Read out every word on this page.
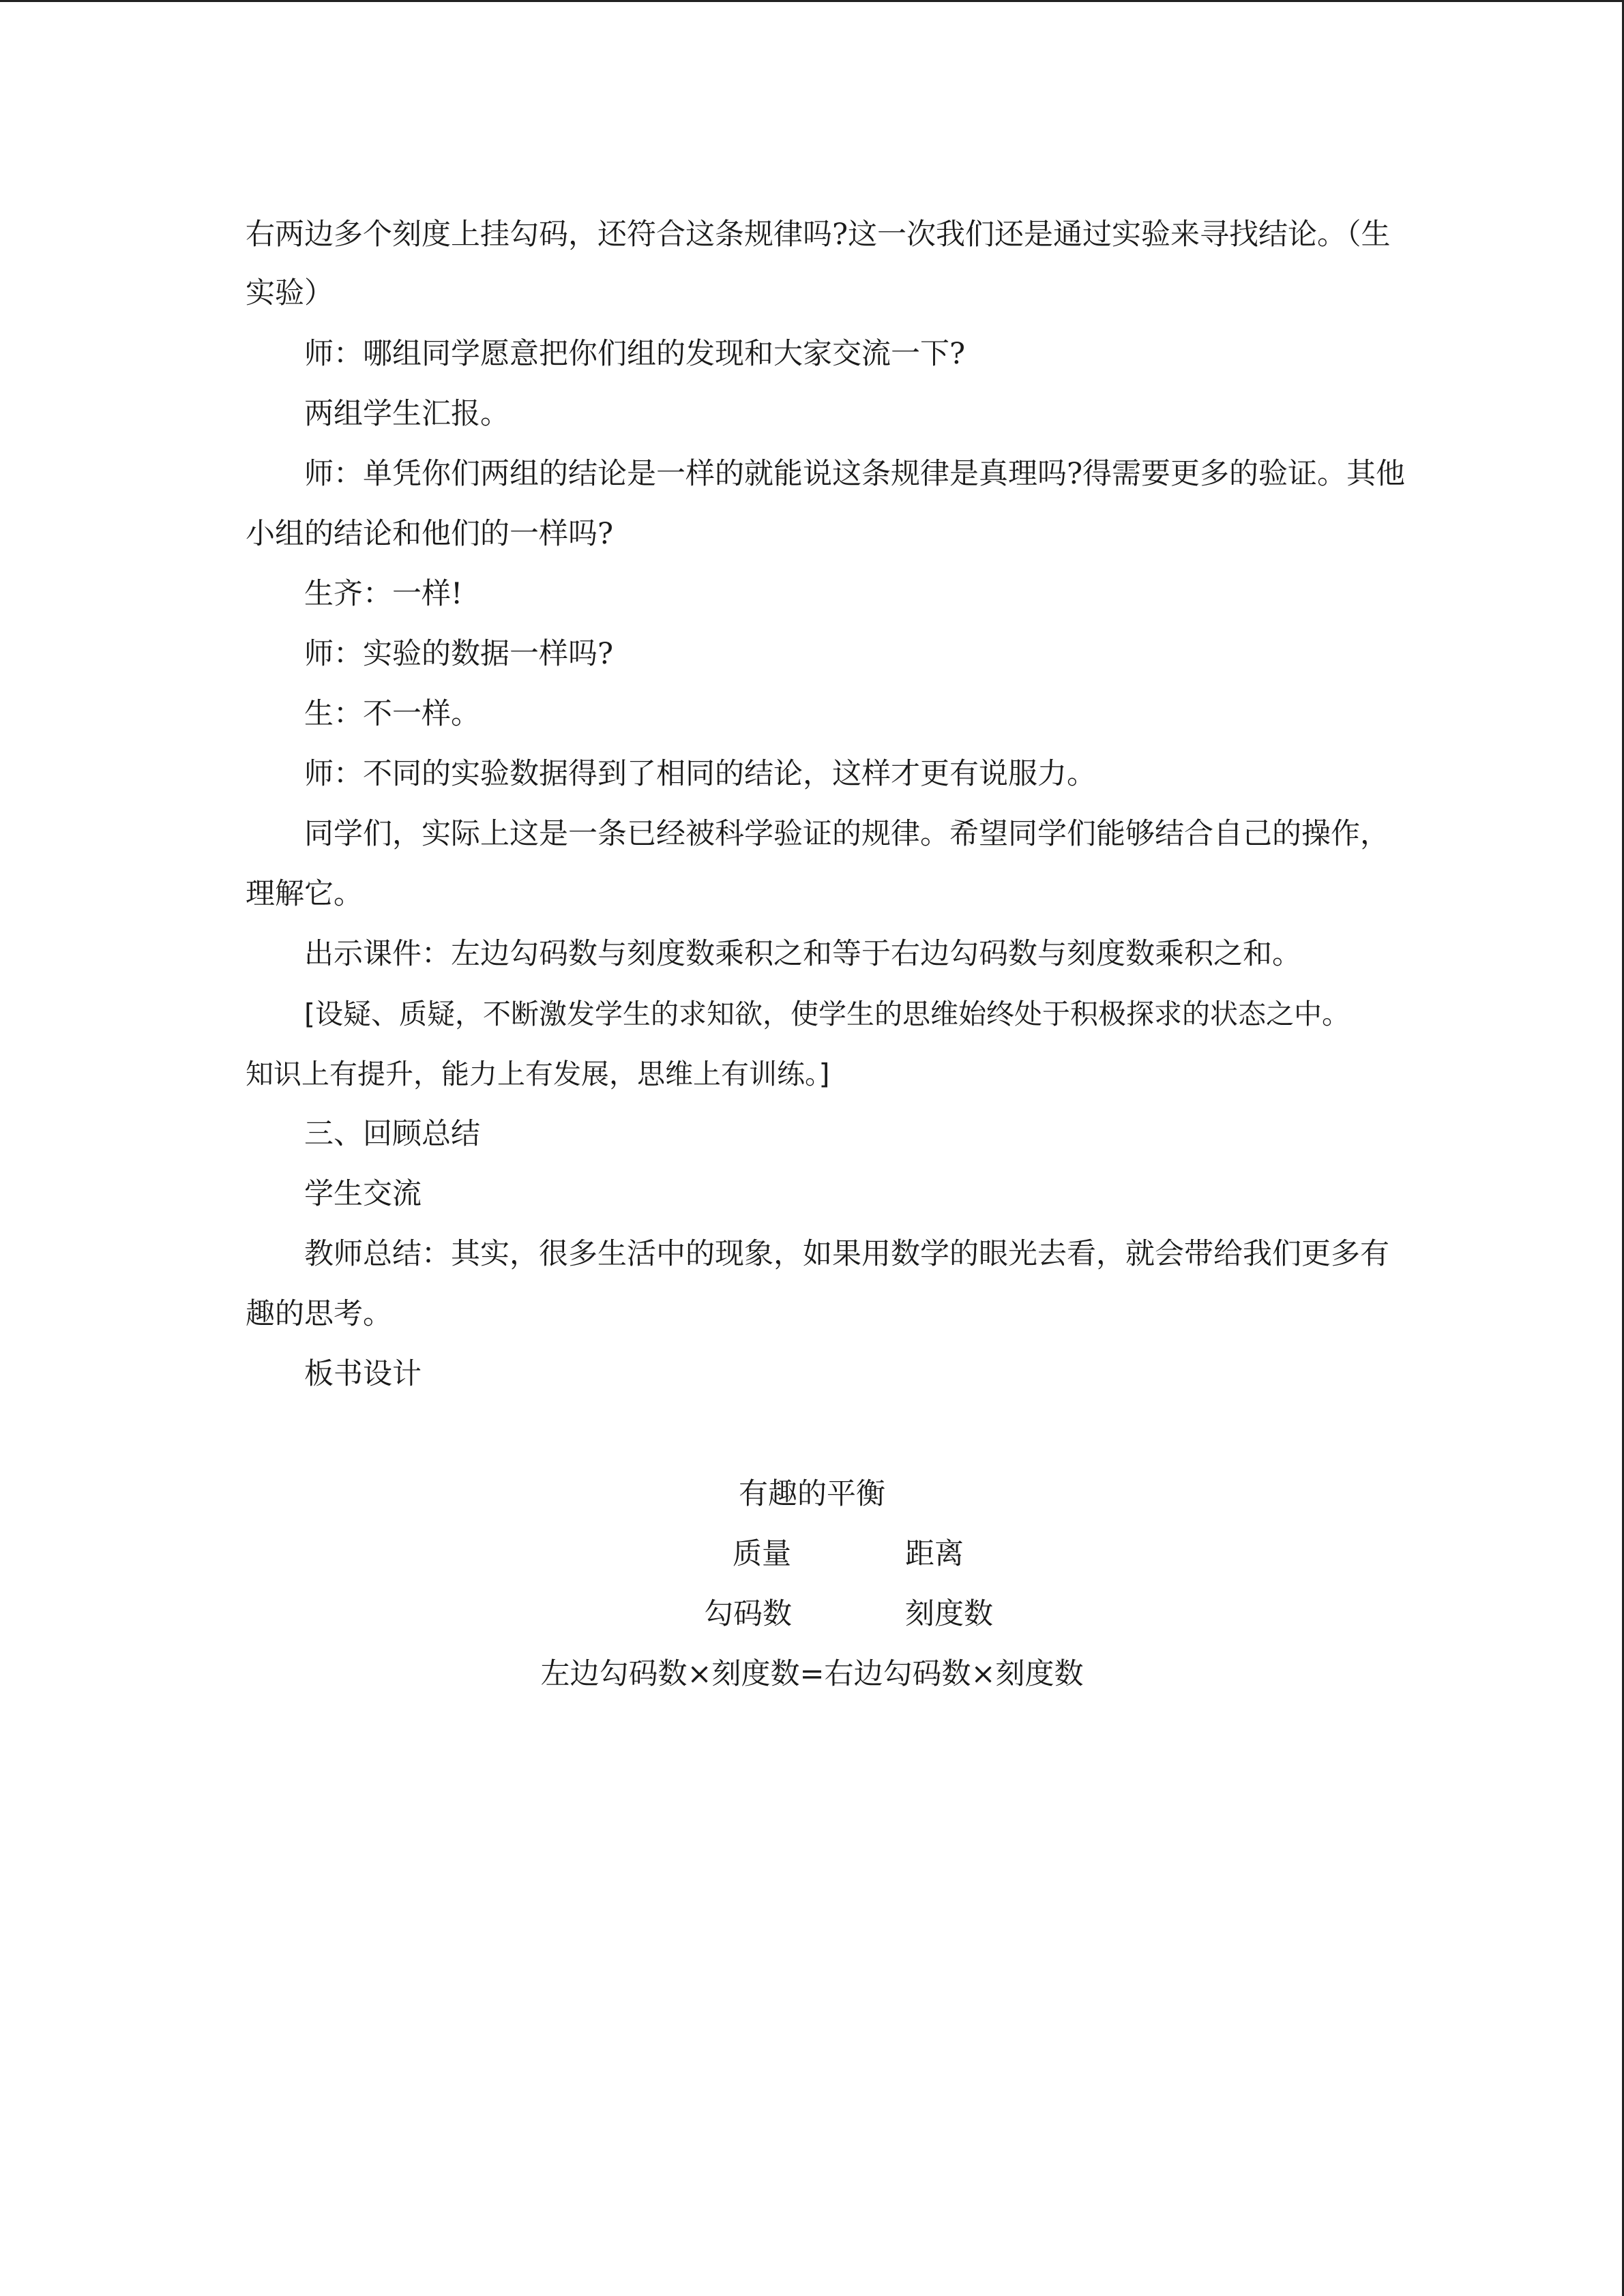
右两边多个刻度上挂勾码，还符合这条规律吗?这一次我们还是通过实验来寻找结论。（生
实验）
师：哪组同学愿意把你们组的发现和大家交流一下?
两组学生汇报。
师：单凭你们两组的结论是一样的就能说这条规律是真理吗?得需要更多的验证。其他
小组的结论和他们的一样吗?
生齐：一样!
师：实验的数据一样吗?
生：不一样。
师：不同的实验数据得到了相同的结论，这样才更有说服力。
同学们，实际上这是一条已经被科学验证的规律。希望同学们能够结合自己的操作，
理解它。
出示课件：左边勾码数与刻度数乘积之和等于右边勾码数与刻度数乘积之和。
[设疑、质疑，不断激发学生的求知欲，使学生的思维始终处于积极探求的状态之中。
知识上有提升，能力上有发展，思维上有训练。]
三、回顾总结
学生交流
教师总结：其实，很多生活中的现象，如果用数学的眼光去看，就会带给我们更多有
趣的思考。
板书设计
有趣的平衡
质量	距离
勾码数	刻度数
左边勾码数×刻度数=右边勾码数×刻度数
